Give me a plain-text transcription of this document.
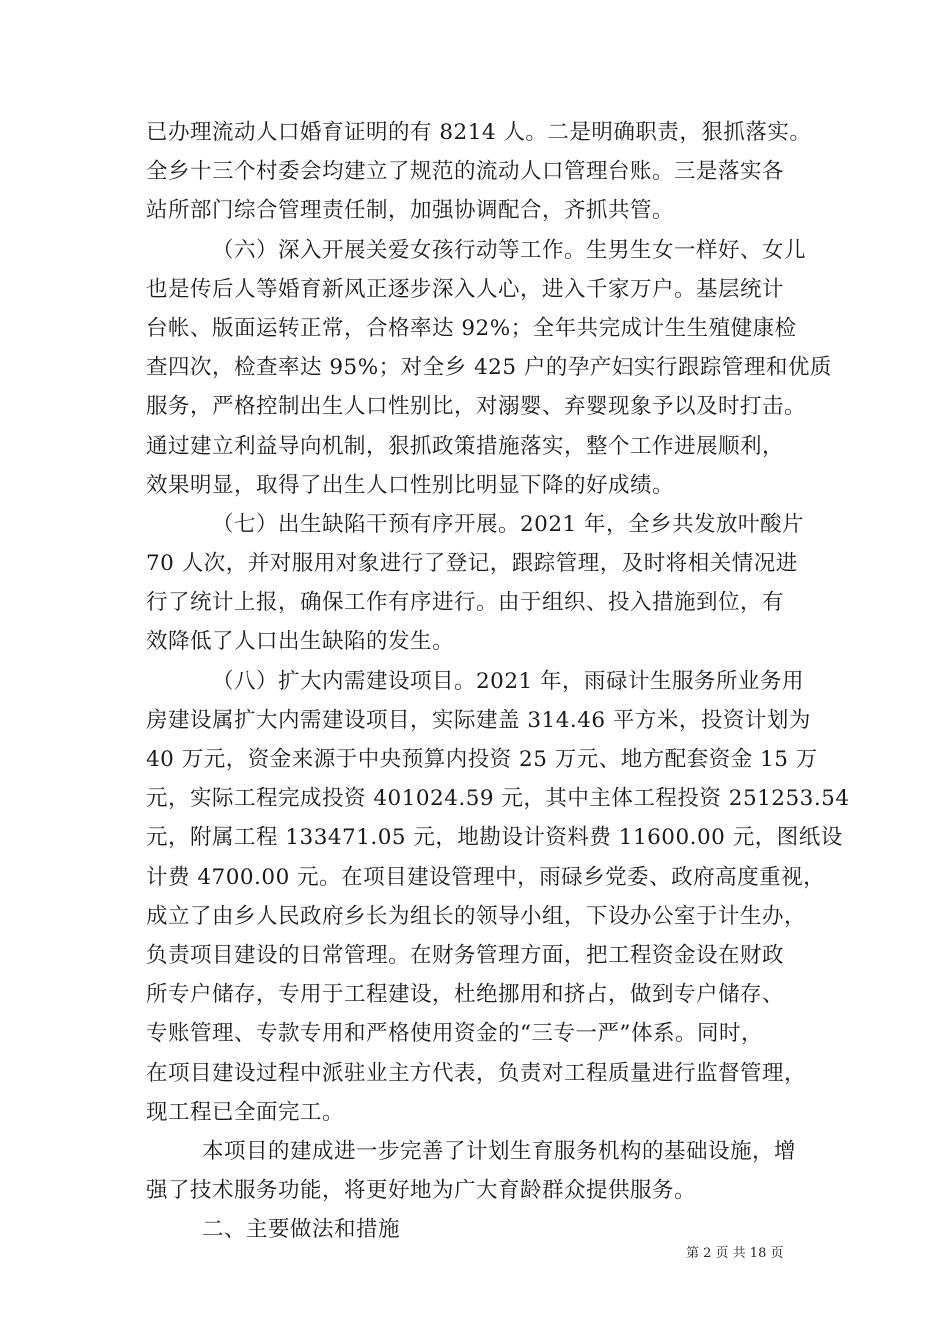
已办理流动人口婚育证明的有 8214 人。二是明确职责，狠抓落实。
全乡十三个村委会均建立了规范的流动人口管理台账。三是落实各
站所部门综合管理责任制，加强协调配合，齐抓共管。
（六）深入开展关爱女孩行动等工作。生男生女一样好、女儿
也是传后人等婚育新风正逐步深入人心，进入千家万户。基层统计
台帐、版面运转正常，合格率达 92%；全年共完成计生生殖健康检
查四次，检查率达 95%；对全乡 425 户的孕产妇实行跟踪管理和优质
服务，严格控制出生人口性别比，对溺婴、弃婴现象予以及时打击。
通过建立利益导向机制，狠抓政策措施落实，整个工作进展顺利，
效果明显，取得了出生人口性别比明显下降的好成绩。
（七）出生缺陷干预有序开展。2021 年，全乡共发放叶酸片
70 人次，并对服用对象进行了登记，跟踪管理，及时将相关情况进
行了统计上报，确保工作有序进行。由于组织、投入措施到位，有
效降低了人口出生缺陷的发生。
（八）扩大内需建设项目。2021 年，雨碌计生服务所业务用
房建设属扩大内需建设项目，实际建盖 314.46 平方米，投资计划为
40 万元，资金来源于中央预算内投资 25 万元、地方配套资金 15 万
元，实际工程完成投资 401024.59 元，其中主体工程投资 251253.54
元，附属工程 133471.05 元，地勘设计资料费 11600.00 元，图纸设
计费 4700.00 元。在项目建设管理中，雨碌乡党委、政府高度重视，
成立了由乡人民政府乡长为组长的领导小组，下设办公室于计生办，
负责项目建设的日常管理。在财务管理方面，把工程资金设在财政
所专户储存，专用于工程建设，杜绝挪用和挤占，做到专户储存、
专账管理、专款专用和严格使用资金的“三专一严”体系。同时，
在项目建设过程中派驻业主方代表，负责对工程质量进行监督管理，
现工程已全面完工。
本项目的建成进一步完善了计划生育服务机构的基础设施，增
强了技术服务功能，将更好地为广大育龄群众提供服务。
二、主要做法和措施
第 2 页 共 18 页
